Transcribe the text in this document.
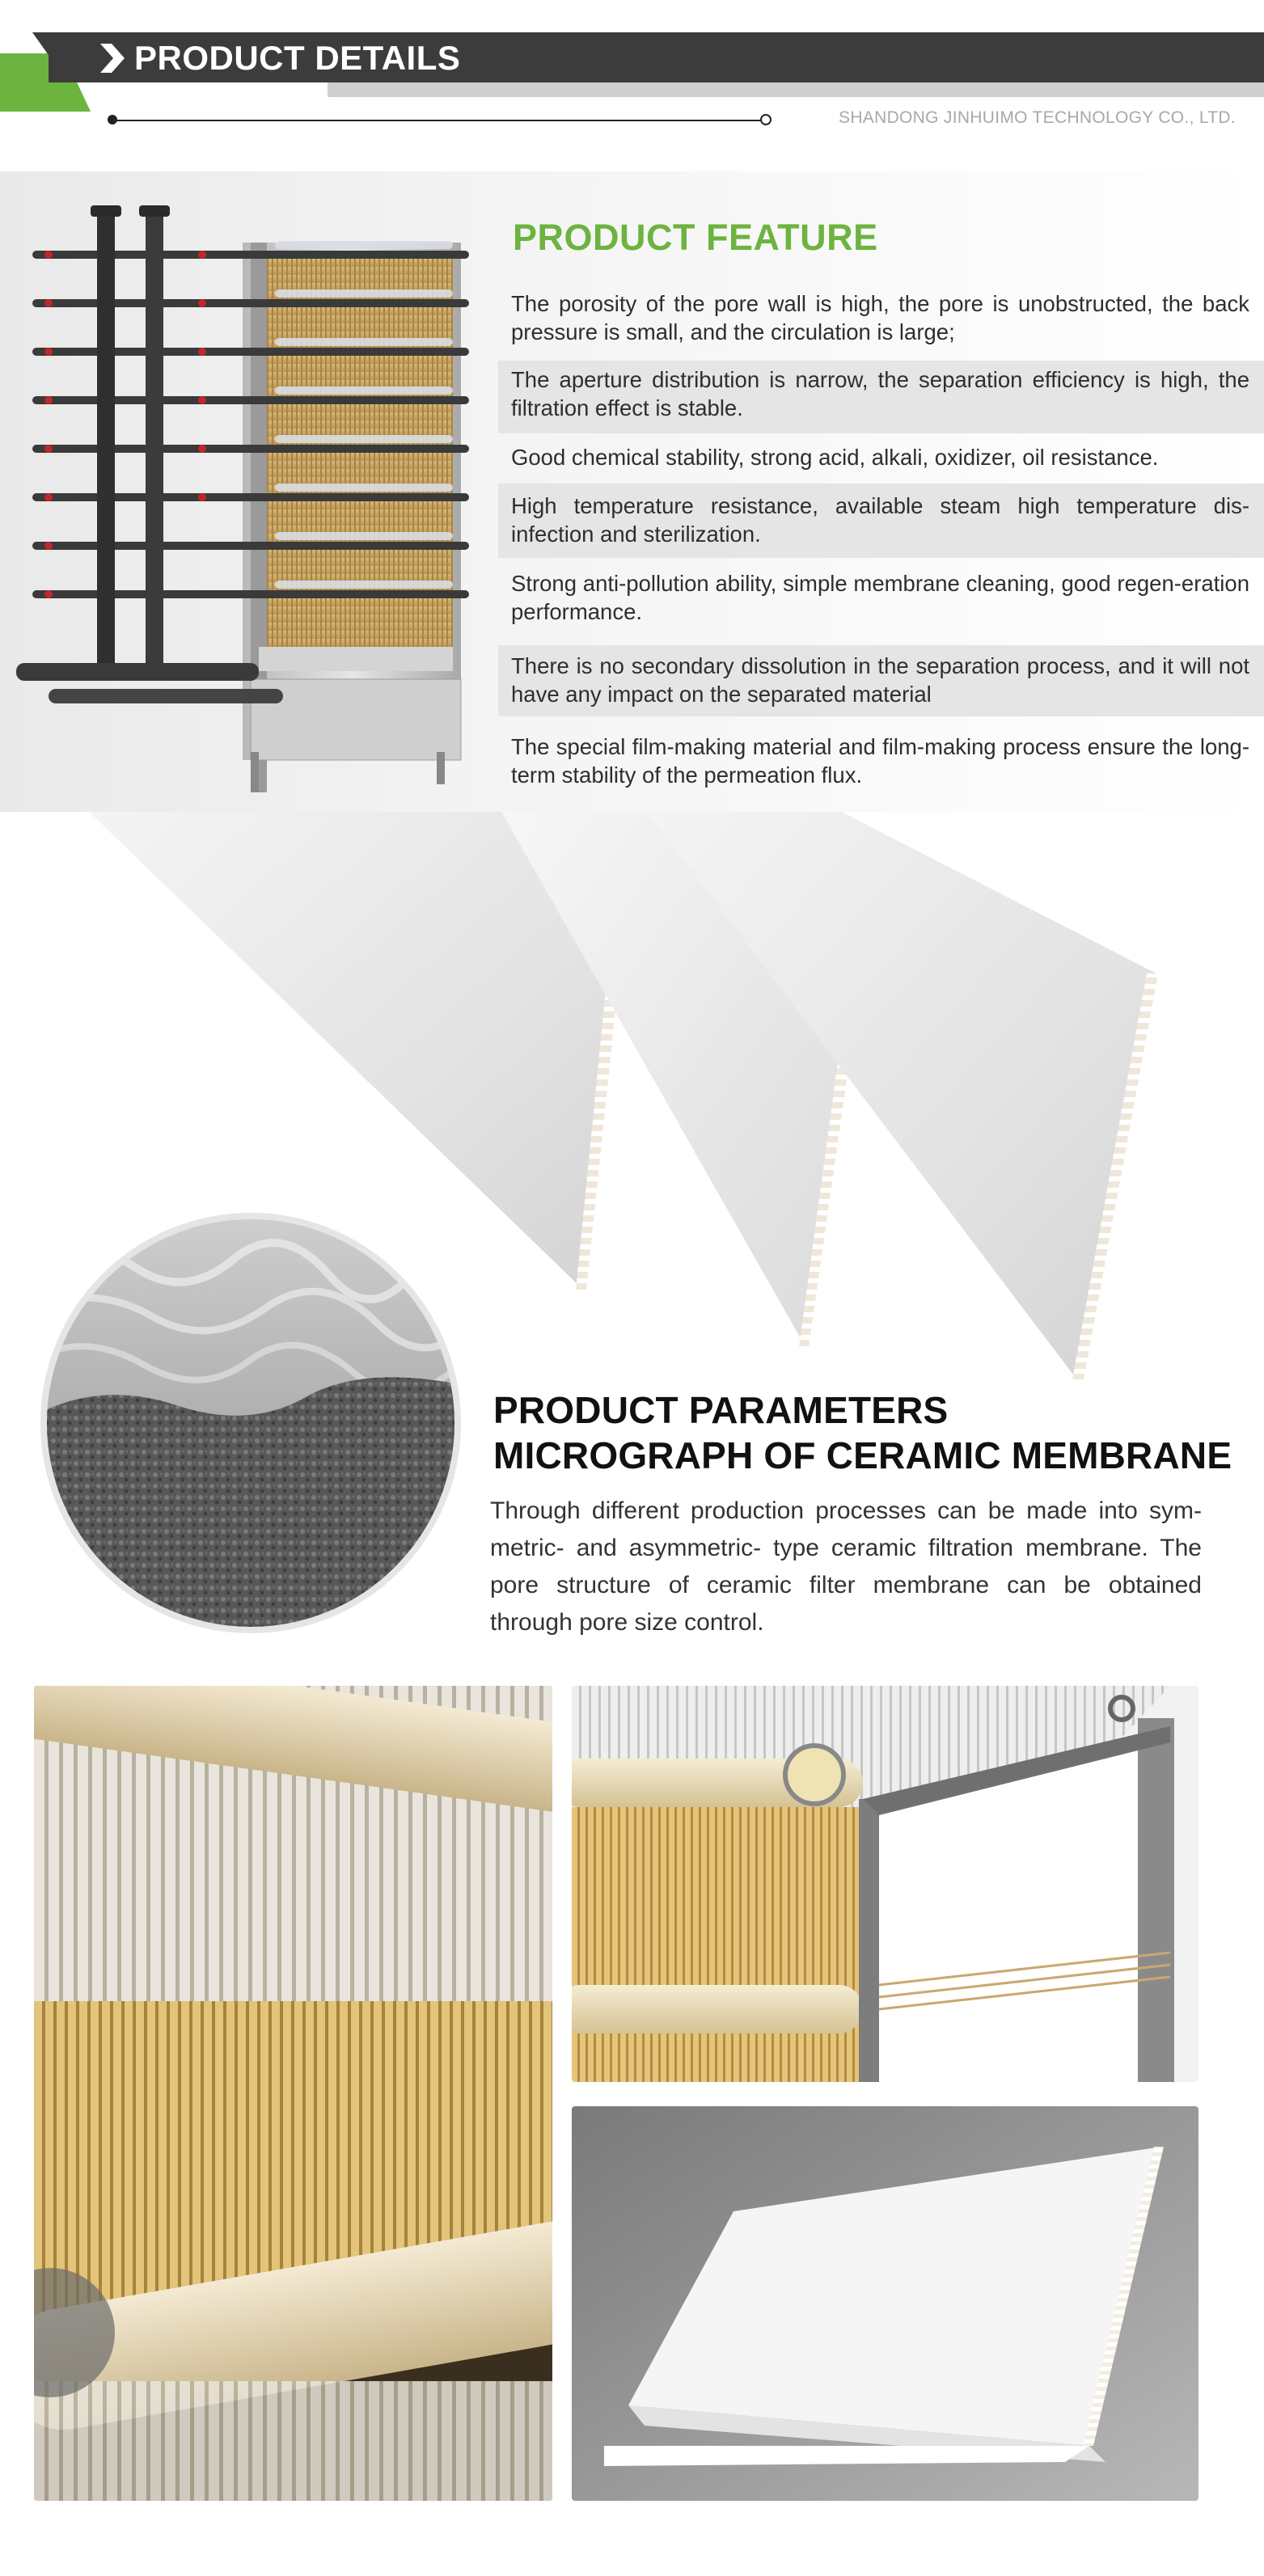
PRODUCT DETAILS
SHANDONG JINHUIMO TECHNOLOGY CO., LTD.
PRODUCT FEATURE
The porosity of the pore wall is high, the pore is unobstructed, the back pressure is small, and the circulation is large;
The aperture distribution is narrow, the separation efficiency is high, the filtration effect is stable.
Good chemical stability, strong acid, alkali, oxidizer, oil resistance.
High temperature resistance, available steam high temperature dis-infection and sterilization.
Strong anti-pollution ability, simple membrane cleaning, good regen-eration performance.
There is no secondary dissolution in the separation process, and it will not have any impact on the separated material
The special film-making material and film-making process ensure the long-term stability of the permeation flux.
PRODUCT PARAMETERS
MICROGRAPH OF CERAMIC MEMBRANE
Through different production processes can be made into sym-metric- and asymmetric- type ceramic filtration membrane. The pore structure of ceramic filter membrane can be obtained through pore size control.
